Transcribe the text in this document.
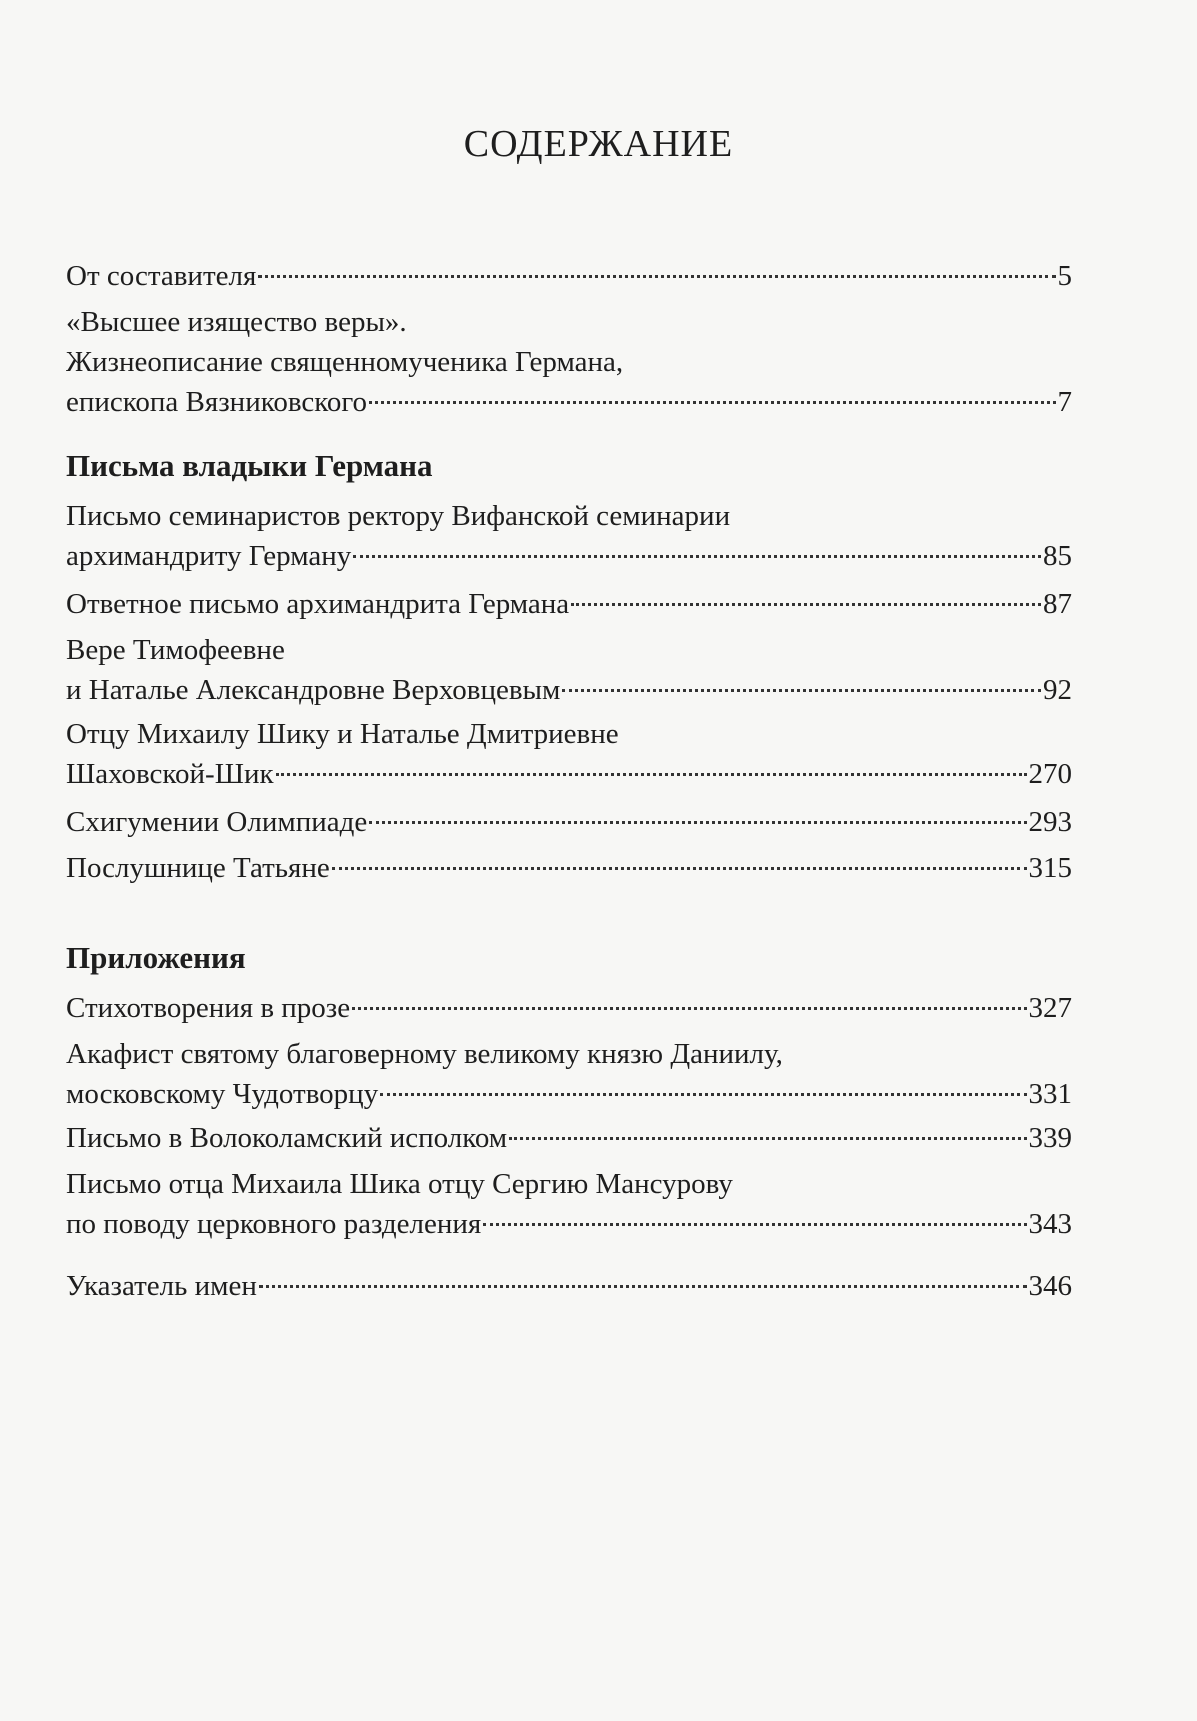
СОДЕРЖАНИЕ
От составителя	5
«Высшее изящество веры».
Жизнеописание священномученика Германа,
епископа Вязниковского	7
Письма владыки Германа
Письмо семинаристов ректору Вифанской семинарии
архимандриту Герману	85
Ответное письмо архимандрита Германа	87
Вере Тимофеевне
и Наталье Александровне Верховцевым	92
Отцу Михаилу Шику и Наталье Дмитриевне
Шаховской-Шик	270
Схигумении Олимпиаде	293
Послушнице Татьяне	315
Приложения
Стихотворения в прозе	327
Акафист святому благоверному великому князю Даниилу,
московскому Чудотворцу	331
Письмо в Волоколамский исполком	339
Письмо отца Михаила Шика отцу Сергию Мансурову
по поводу церковного разделения	343
Указатель имен	346
